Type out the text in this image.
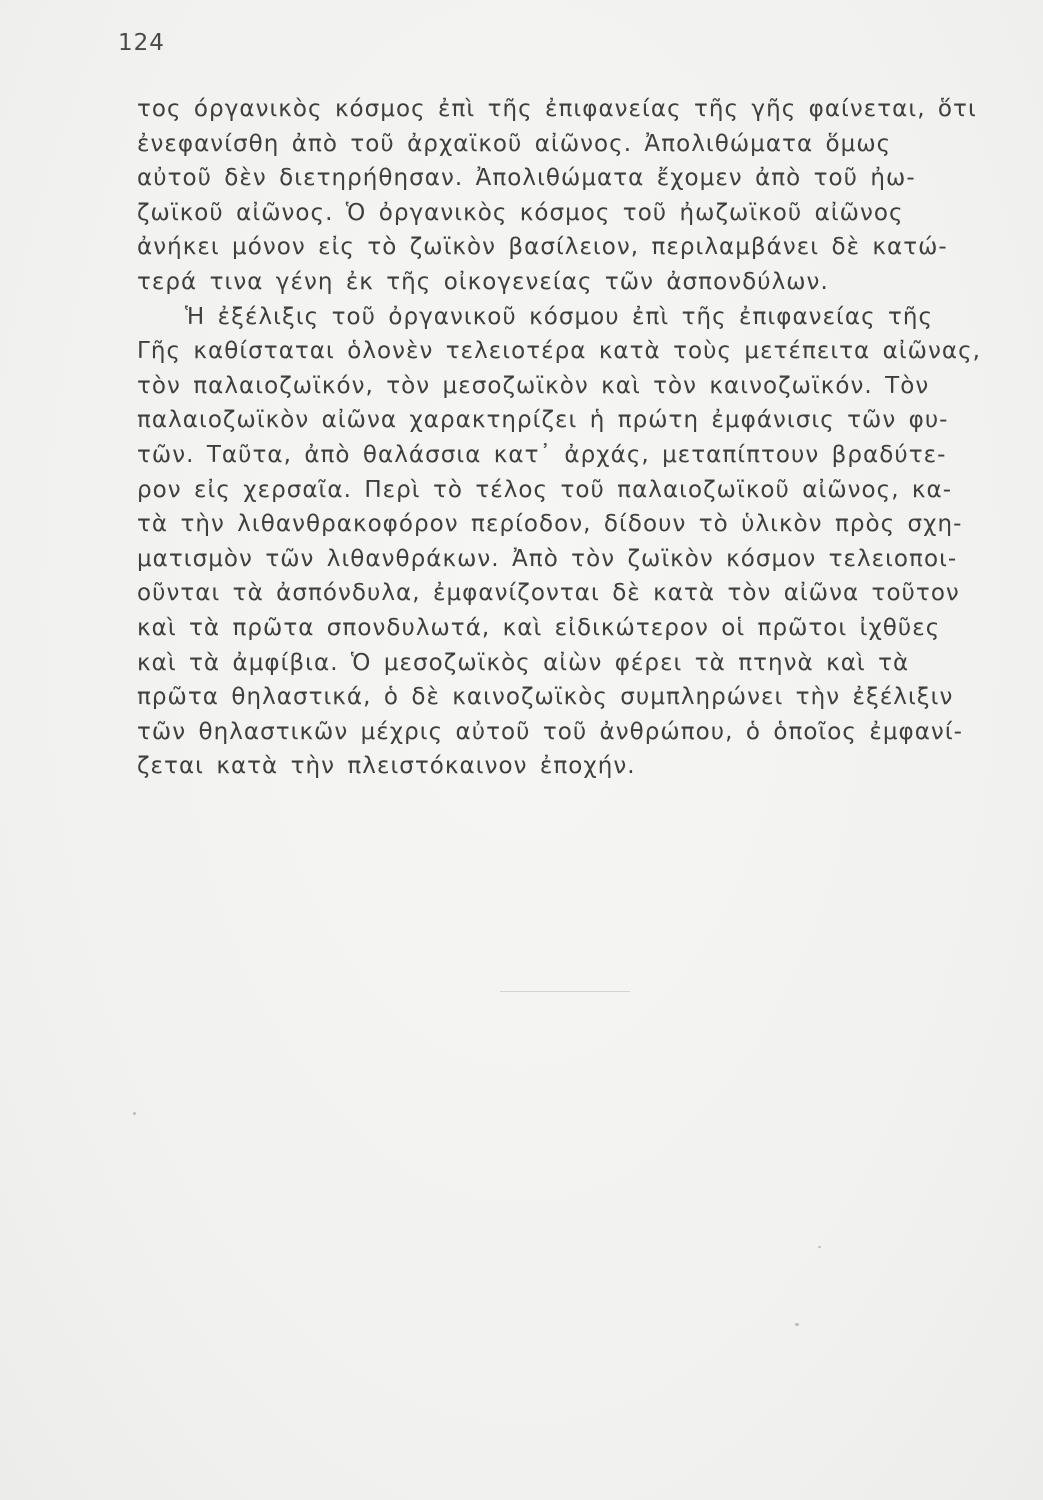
124
τος όργανικὸς κόσμος ἐπὶ τῆς ἐπιφανείας τῆς γῆς φαίνεται, ὅτι
ἐνεφανίσθη ἀπὸ τοῦ ἀρχαϊκοῦ αἰῶνος. Ἀπολιθώματα ὅμως
αὐτοῦ δὲν διετηρήθησαν. Ἀπολιθώματα ἔχομεν ἀπὸ τοῦ ἠω-
ζωϊκοῦ αἰῶνος. Ὁ ὀργανικὸς κόσμος τοῦ ἠωζωϊκοῦ αἰῶνος
ἀνήκει μόνον εἰς τὸ ζωϊκὸν βασίλειον, περιλαμβάνει δὲ κατώ-
τερά τινα γένη ἐκ τῆς οἰκογενείας τῶν ἀσπονδύλων.
Ἡ ἐξέλιξις τοῦ ὀργανικοῦ κόσμου ἐπὶ τῆς ἐπιφανείας τῆς
Γῆς καθίσταται ὁλονὲν τελειοτέρα κατὰ τοὺς μετέπειτα αἰῶνας,
τὸν παλαιοζωϊκόν, τὸν μεσοζωϊκὸν καὶ τὸν καινοζωϊκόν. Τὸν
παλαιοζωϊκὸν αἰῶνα χαρακτηρίζει ἡ πρώτη ἐμφάνισις τῶν φυ-
τῶν. Ταῦτα, ἀπὸ θαλάσσια κατ᾽ ἀρχάς, μεταπίπτουν βραδύτε-
ρον εἰς χερσαῖα. Περὶ τὸ τέλος τοῦ παλαιοζωϊκοῦ αἰῶνος, κα-
τὰ τὴν λιθανθρακοφόρον περίοδον, δίδουν τὸ ὑλικὸν πρὸς σχη-
ματισμὸν τῶν λιθανθράκων. Ἀπὸ τὸν ζωϊκὸν κόσμον τελειοποι-
οῦνται τὰ ἀσπόνδυλα, ἐμφανίζονται δὲ κατὰ τὸν αἰῶνα τοῦτον
καὶ τὰ πρῶτα σπονδυλωτά, καὶ εἰδικώτερον οἱ πρῶτοι ἰχθῦες
καὶ τὰ ἀμφίβια. Ὁ μεσοζωϊκὸς αἰὼν φέρει τὰ πτηνὰ καὶ τὰ
πρῶτα θηλαστικά, ὁ δὲ καινοζωϊκὸς συμπληρώνει τὴν ἐξέλιξιν
τῶν θηλαστικῶν μέχρις αὐτοῦ τοῦ ἀνθρώπου, ὁ ὁποῖος ἐμφανί-
ζεται κατὰ τὴν πλειστόκαινον ἐποχήν.
